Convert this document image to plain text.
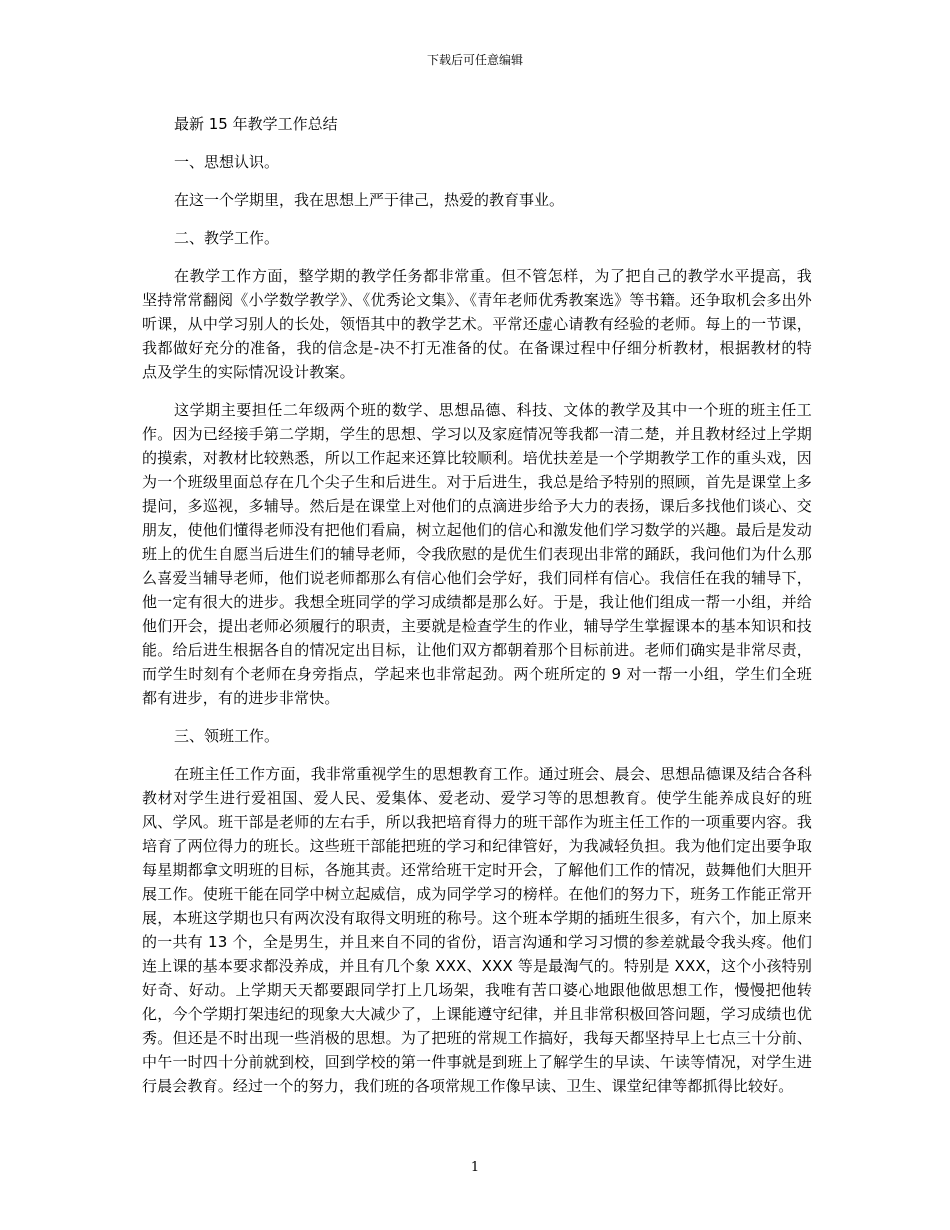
下载后可任意编辑
最新 15 年教学工作总结
一、思想认识。
在这一个学期里，我在思想上严于律己，热爱的教育事业。
二、教学工作。

在教学工作方面，整学期的教学任务都非常重。但不管怎样，为了把自己的教学水平提高，我坚持常常翻阅《小学数学教学》、《优秀论文集》、《青年老师优秀教案选》等书籍。还争取机会多出外听课，从中学习别人的长处，领悟其中的教学艺术。平常还虚心请教有经验的老师。每上的一节课，我都做好充分的准备，我的信念是-决不打无准备的仗。在备课过程中仔细分析教材，根据教材的特点及学生的实际情况设计教案。

这学期主要担任二年级两个班的数学、思想品德、科技、文体的教学及其中一个班的班主任工作。因为已经接手第二学期，学生的思想、学习以及家庭情况等我都一清二楚，并且教材经过上学期的摸索，对教材比较熟悉，所以工作起来还算比较顺利。培优扶差是一个学期教学工作的重头戏，因为一个班级里面总存在几个尖子生和后进生。对于后进生，我总是给予特别的照顾，首先是课堂上多提问，多巡视，多辅导。然后是在课堂上对他们的点滴进步给予大力的表扬，课后多找他们谈心、交朋友，使他们懂得老师没有把他们看扁，树立起他们的信心和激发他们学习数学的兴趣。最后是发动班上的优生自愿当后进生们的辅导老师，令我欣慰的是优生们表现出非常的踊跃，我问他们为什么那么喜爱当辅导老师，他们说老师都那么有信心他们会学好，我们同样有信心。我信任在我的辅导下，他一定有很大的进步。我想全班同学的学习成绩都是那么好。于是，我让他们组成一帮一小组，并给他们开会，提出老师必须履行的职责，主要就是检查学生的作业，辅导学生掌握课本的基本知识和技能。给后进生根据各自的情况定出目标，让他们双方都朝着那个目标前进。老师们确实是非常尽责，而学生时刻有个老师在身旁指点，学起来也非常起劲。两个班所定的 9 对一帮一小组，学生们全班都有进步，有的进步非常快。

三、领班工作。

在班主任工作方面，我非常重视学生的思想教育工作。通过班会、晨会、思想品德课及结合各科教材对学生进行爱祖国、爱人民、爱集体、爱老动、爱学习等的思想教育。使学生能养成良好的班风、学风。班干部是老师的左右手，所以我把培育得力的班干部作为班主任工作的一项重要内容。我培育了两位得力的班长。这些班干部能把班的学习和纪律管好，为我减轻负担。我为他们定出要争取每星期都拿文明班的目标，各施其责。还常给班干定时开会，了解他们工作的情况，鼓舞他们大胆开展工作。使班干能在同学中树立起威信，成为同学学习的榜样。在他们的努力下，班务工作能正常开展，本班这学期也只有两次没有取得文明班的称号。这个班本学期的插班生很多，有六个，加上原来的一共有 13 个，全是男生，并且来自不同的省份，语言沟通和学习习惯的参差就最令我头疼。他们连上课的基本要求都没养成，并且有几个象 XXX、XXX 等是最淘气的。特别是 XXX，这个小孩特别好奇、好动。上学期天天都要跟同学打上几场架，我唯有苦口婆心地跟他做思想工作，慢慢把他转化，今个学期打架违纪的现象大大减少了，上课能遵守纪律，并且非常积极回答问题，学习成绩也优秀。但还是不时出现一些消极的思想。为了把班的常规工作搞好，我每天都坚持早上七点三十分前、中午一时四十分前就到校，回到学校的第一件事就是到班上了解学生的早读、午读等情况，对学生进行晨会教育。经过一个的努力，我们班的各项常规工作像早读、卫生、课堂纪律等都抓得比较好。

1
